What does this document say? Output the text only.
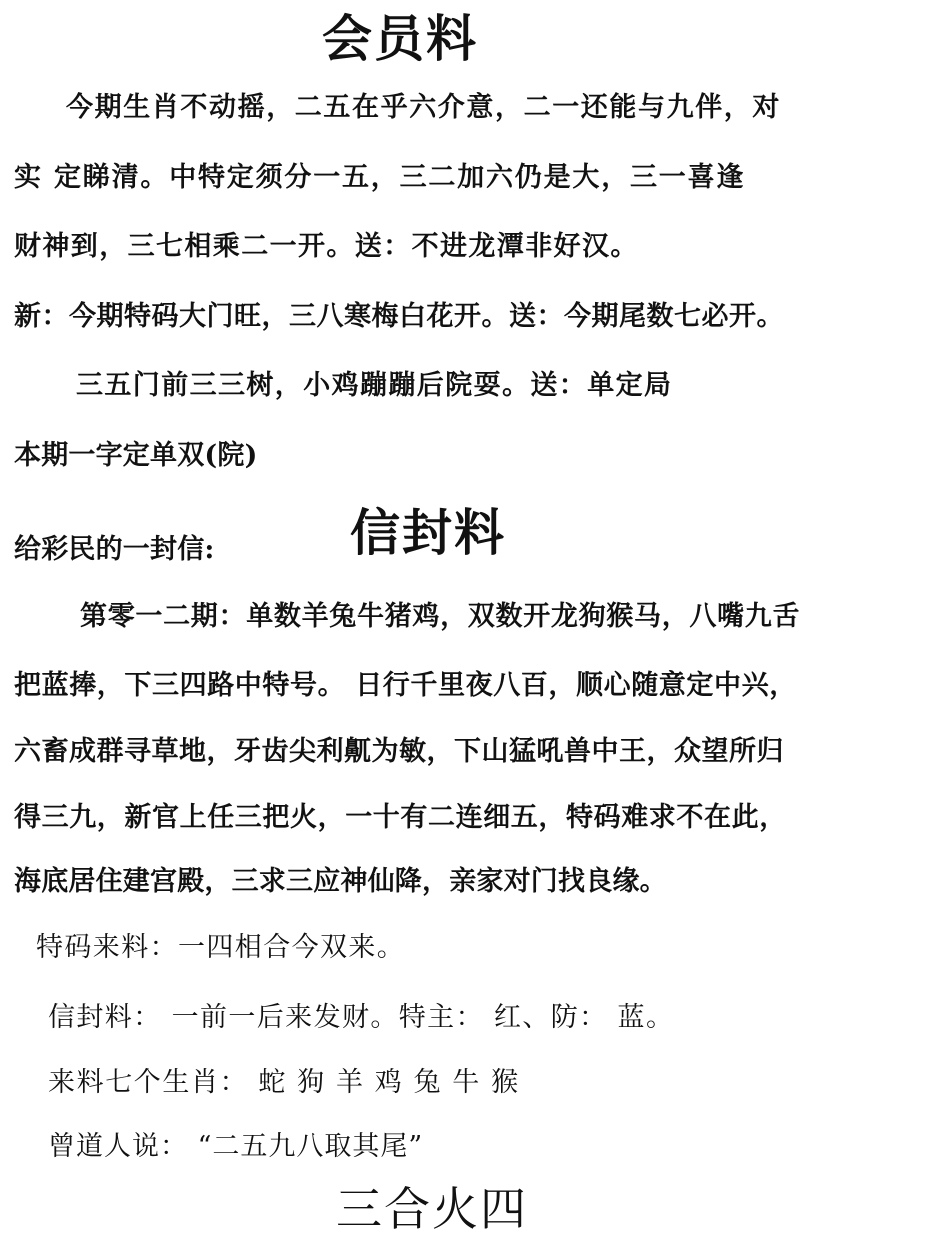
会员料
今期生肖不动摇，二五在乎六介意，二一还能与九伴，对
实 定睇清。中特定须分一五，三二加六仍是大，三一喜逢
财神到，三七相乘二一开。送：不进龙潭非好汉。
新：今期特码大门旺，三八寒梅白花开。送：今期尾数七必开。
三五门前三三树，小鸡蹦蹦后院耍。送：单定局
本期一字定单双(院)
给彩民的一封信:	信封料
第零一二期：单数羊兔牛猪鸡，双数开龙狗猴马，八嘴九舌
把蓝捧，下三四路中特号。 日行千里夜八百，顺心随意定中兴，
六畜成群寻草地，牙齿尖利鼿为敏，下山猛吼兽中王，众望所归
得三九，新官上任三把火，一十有二连细五，特码难求不在此，
海底居住建宫殿，三求三应神仙降，亲家对门找良缘。
特码来料：一四相合今双来。
信封料： 一前一后来发财。特主： 红、防： 蓝。
来料七个生肖： 蛇 狗 羊 鸡 兔 牛 猴
曾道人说： “二五九八取其尾”
三合火四
